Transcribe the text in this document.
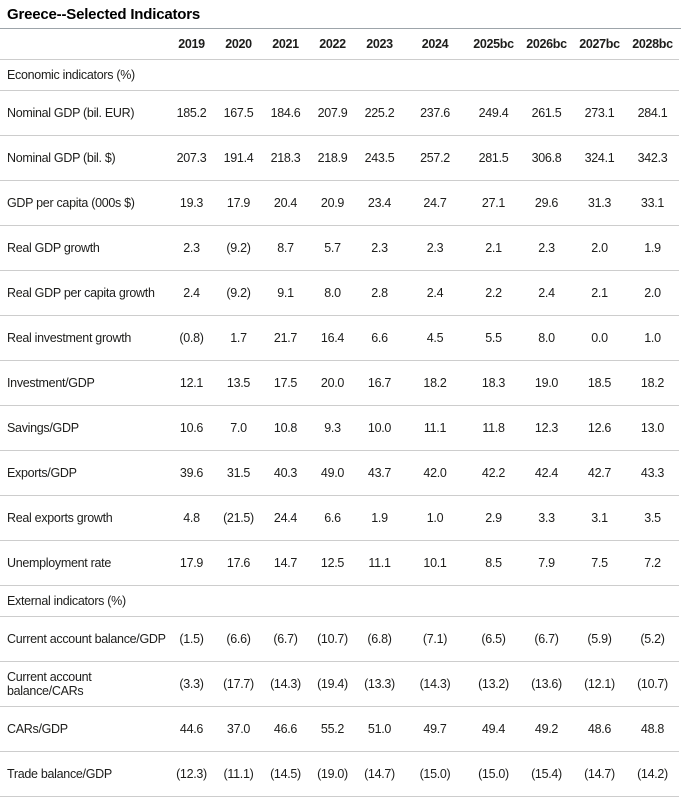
Greece--Selected Indicators
	2019	2020	2021	2022	2023	2024	2025bc	2026bc	2027bc	2028bc
Economic indicators (%)										
Nominal GDP (bil. EUR)	185.2	167.5	184.6	207.9	225.2	237.6	249.4	261.5	273.1	284.1
Nominal GDP (bil. $)	207.3	191.4	218.3	218.9	243.5	257.2	281.5	306.8	324.1	342.3
GDP per capita (000s $)	19.3	17.9	20.4	20.9	23.4	24.7	27.1	29.6	31.3	33.1
Real GDP growth	2.3	(9.2)	8.7	5.7	2.3	2.3	2.1	2.3	2.0	1.9
Real GDP per capita growth	2.4	(9.2)	9.1	8.0	2.8	2.4	2.2	2.4	2.1	2.0
Real investment growth	(0.8)	1.7	21.7	16.4	6.6	4.5	5.5	8.0	0.0	1.0
Investment/GDP	12.1	13.5	17.5	20.0	16.7	18.2	18.3	19.0	18.5	18.2
Savings/GDP	10.6	7.0	10.8	9.3	10.0	11.1	11.8	12.3	12.6	13.0
Exports/GDP	39.6	31.5	40.3	49.0	43.7	42.0	42.2	42.4	42.7	43.3
Real exports growth	4.8	(21.5)	24.4	6.6	1.9	1.0	2.9	3.3	3.1	3.5
Unemployment rate	17.9	17.6	14.7	12.5	11.1	10.1	8.5	7.9	7.5	7.2
External indicators (%)										
Current account balance/GDP	(1.5)	(6.6)	(6.7)	(10.7)	(6.8)	(7.1)	(6.5)	(6.7)	(5.9)	(5.2)
Current account balance/CARs	(3.3)	(17.7)	(14.3)	(19.4)	(13.3)	(14.3)	(13.2)	(13.6)	(12.1)	(10.7)
CARs/GDP	44.6	37.0	46.6	55.2	51.0	49.7	49.4	49.2	48.6	48.8
Trade balance/GDP	(12.3)	(11.1)	(14.5)	(19.0)	(14.7)	(15.0)	(15.0)	(15.4)	(14.7)	(14.2)
